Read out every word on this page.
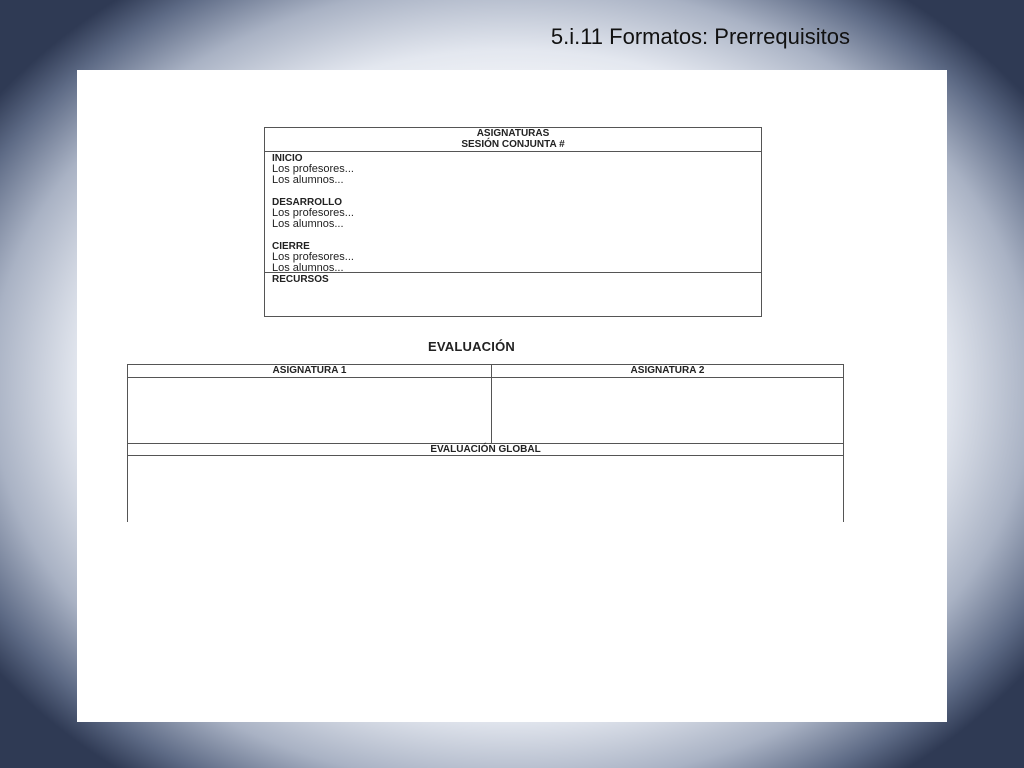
5.i.11 Formatos: Prerrequisitos
ASIGNATURAS
SESIÓN CONJUNTA #
INICIO
Los profesores...
Los alumnos...
DESARROLLO
Los profesores...
Los alumnos...
CIERRE
Los profesores...
Los alumnos...
RECURSOS
EVALUACIÓN
ASIGNATURA 1	ASIGNATURA 2
EVALUACIÓN GLOBAL
